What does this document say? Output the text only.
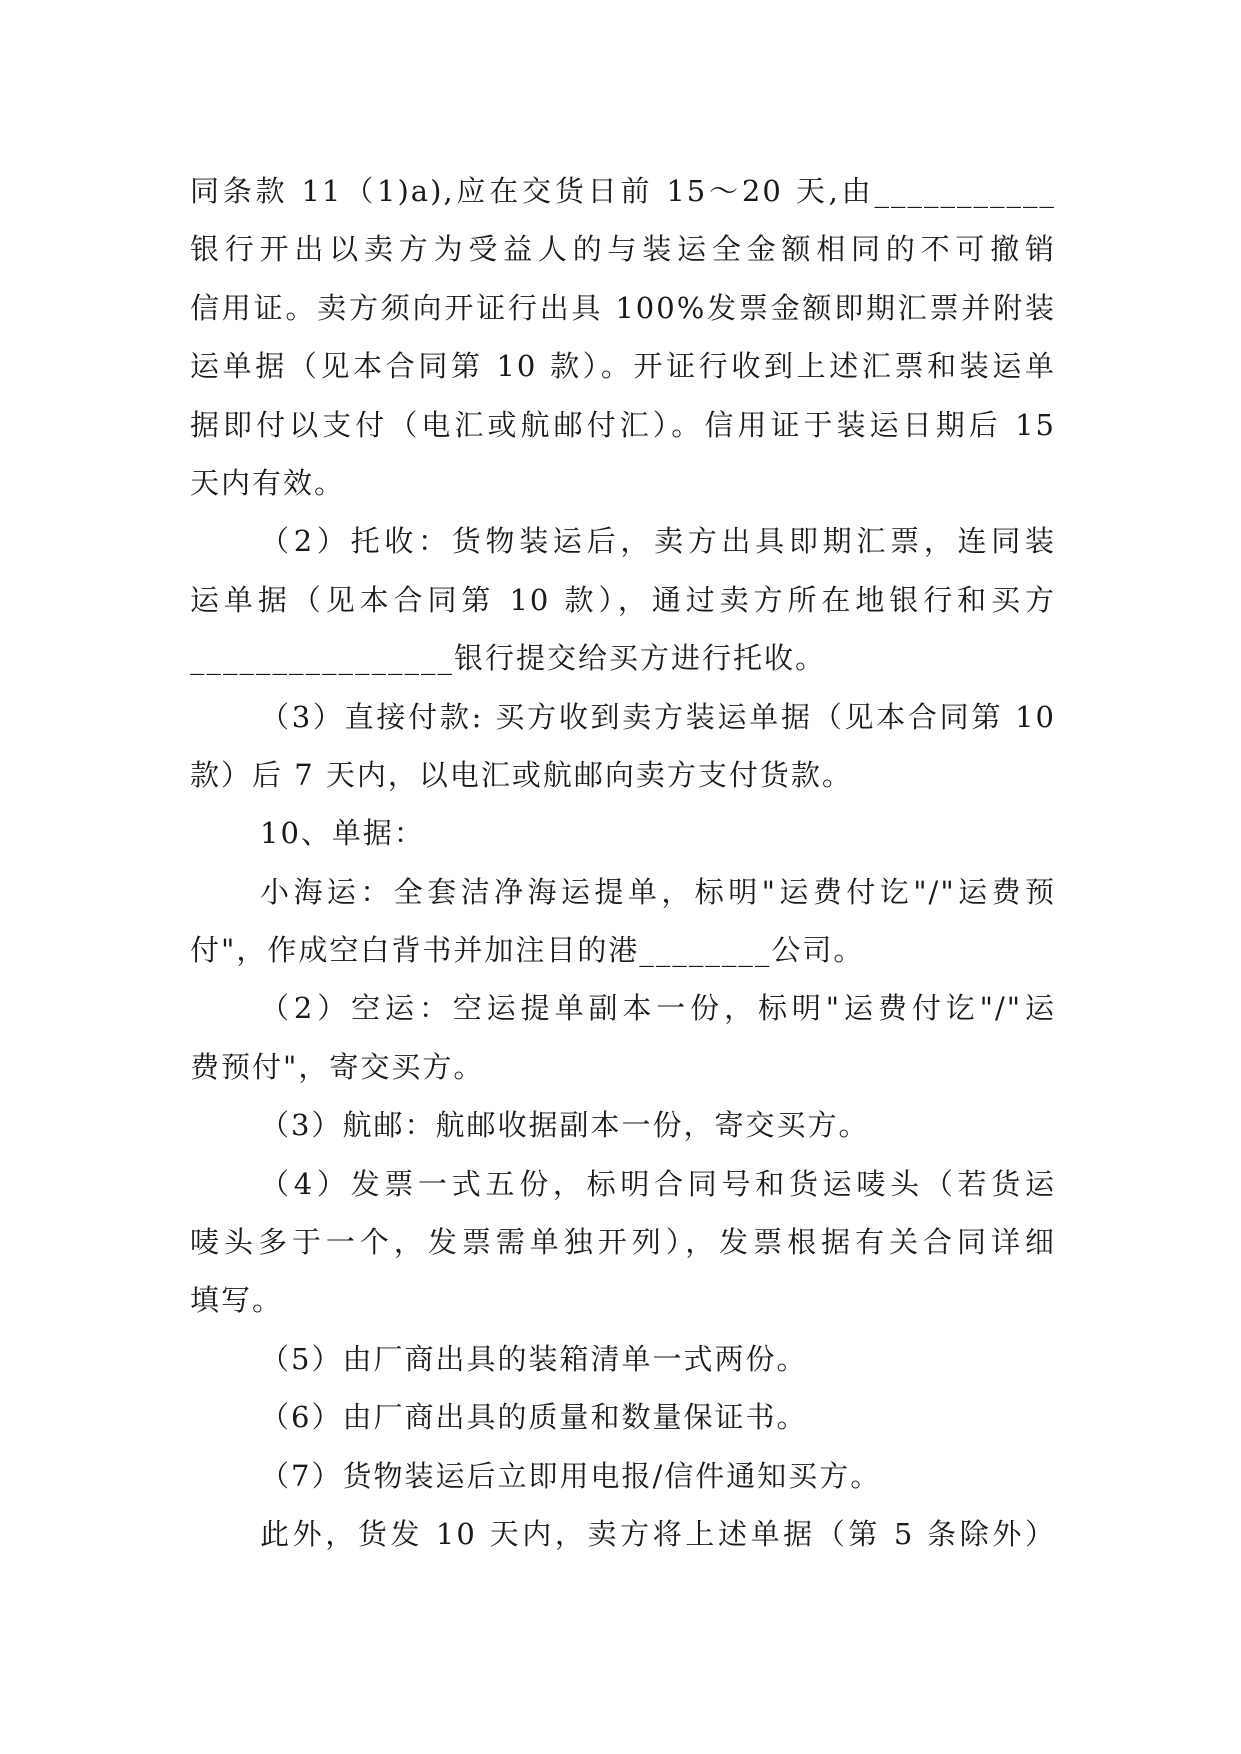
同条款 11（1)a),应在交货日前 15～20 天,由___________
银行开出以卖方为受益人的与装运全金额相同的不可撤销
信用证。卖方须向开证行出具 100%发票金额即期汇票并附装
运单据（见本合同第 10 款）。开证行收到上述汇票和装运单
据即付以支付（电汇或航邮付汇）。信用证于装运日期后 15
天内有效。
（2）托收：货物装运后，卖方出具即期汇票，连同装
运单据（见本合同第 10 款），通过卖方所在地银行和买方
________________银行提交给买方进行托收。
（3）直接付款: 买方收到卖方装运单据（见本合同第 10
款）后 7 天内，以电汇或航邮向卖方支付货款。
10、单据：
小海运：全套洁净海运提单，标明"运费付讫"/"运费预
付"，作成空白背书并加注目的港________公司。
（2）空运：空运提单副本一份，标明"运费付讫"/"运
费预付"，寄交买方。
（3）航邮：航邮收据副本一份，寄交买方。
（4）发票一式五份，标明合同号和货运唛头（若货运
唛头多于一个，发票需单独开列），发票根据有关合同详细
填写。
（5）由厂商出具的装箱清单一式两份。
（6）由厂商出具的质量和数量保证书。
（7）货物装运后立即用电报/信件通知买方。
此外，货发 10 天内，卖方将上述单据（第 5 条除外）
